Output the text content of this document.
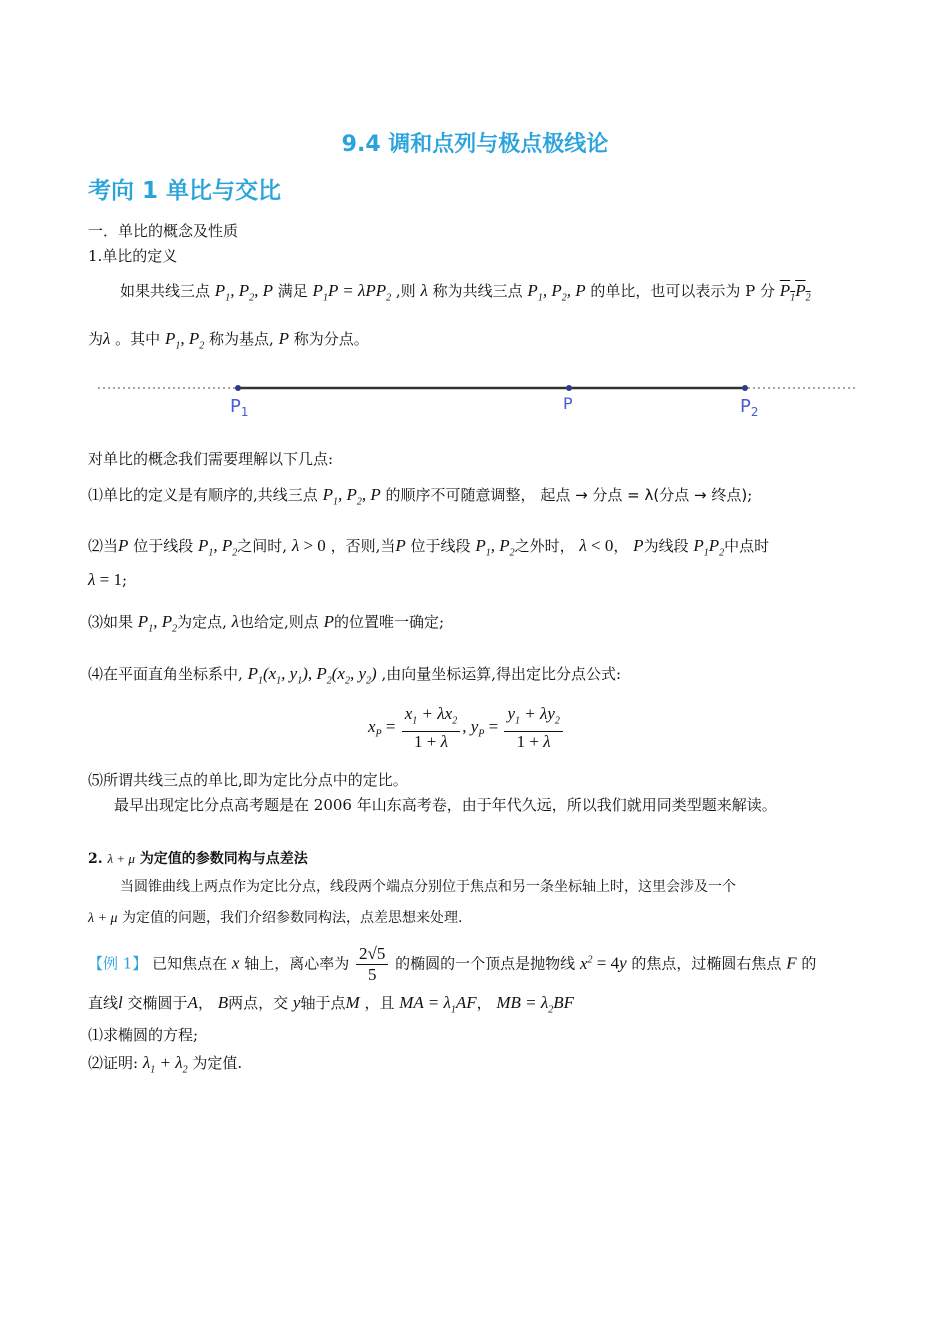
9.4 调和点列与极点极线论
考向 1 单比与交比
一．单比的概念及性质
1.单比的定义
如果共线三点 $P_1$, $P_2$, P 满足 $P_1P = \lambda PP_2$ ,则 λ 称为共线三点 $P_1$, $P_2$, P 的单比，也可以表示为 P 分 $P_1P_2$
为λ 。其中 $P_1$, $P_2$ 称为基点, P 称为分点。
$P_1$	P	$P_2$
对单比的概念我们需要理解以下几点:
⑴单比的定义是有顺序的,共线三点 $P_1$, $P_2$, P 的顺序不可随意调整， 起点 → 分点 = λ(分点 → 终点);
⑵当P 位于线段 $P_1$, $P_2$之间时, λ > 0 ，否则,当P 位于线段 $P_1$, $P_2$之外时， λ < 0， P为线段 $P_1P_2$中点时
λ = 1;
⑶如果 $P_1$, $P_2$为定点, λ也给定,则点 P的位置唯一确定;
⑷在平面直角坐标系中, $P_1(x_1$, $y_1$), $P_2(x_2$, $y_2$) ,由向量坐标运算,得出定比分点公式:
$x_P = \frac{x_1 + \lambda x_2}{1 + \lambda}$ , $y_P = \frac{y_1 + \lambda y_2}{1 + \lambda}$
⑸所谓共线三点的单比,即为定比分点中的定比。
最早出现定比分点高考题是在 2006 年山东高考卷，由于年代久远，所以我们就用同类型题来解读。
2. λ + μ 为定值的参数同构与点差法
当圆锥曲线上两点作为定比分点，线段两个端点分别位于焦点和另一条坐标轴上时，这里会涉及一个
λ + μ 为定值的问题，我们介绍参数同构法，点差思想来处理.
【例 1】 已知焦点在 x 轴上，离心率为 $\frac{2√5}{5}$ 的椭圆的一个顶点是抛物线 $x^2 = 4y$ 的焦点，过椭圆右焦点 F 的
直线l 交椭圆于A， B两点，交 y轴于点M ，且 MA = $\lambda_1AF$， MB = $\lambda_2BF$
⑴求椭圆的方程;
⑵证明: $\lambda_1 + \lambda_2$ 为定值.
